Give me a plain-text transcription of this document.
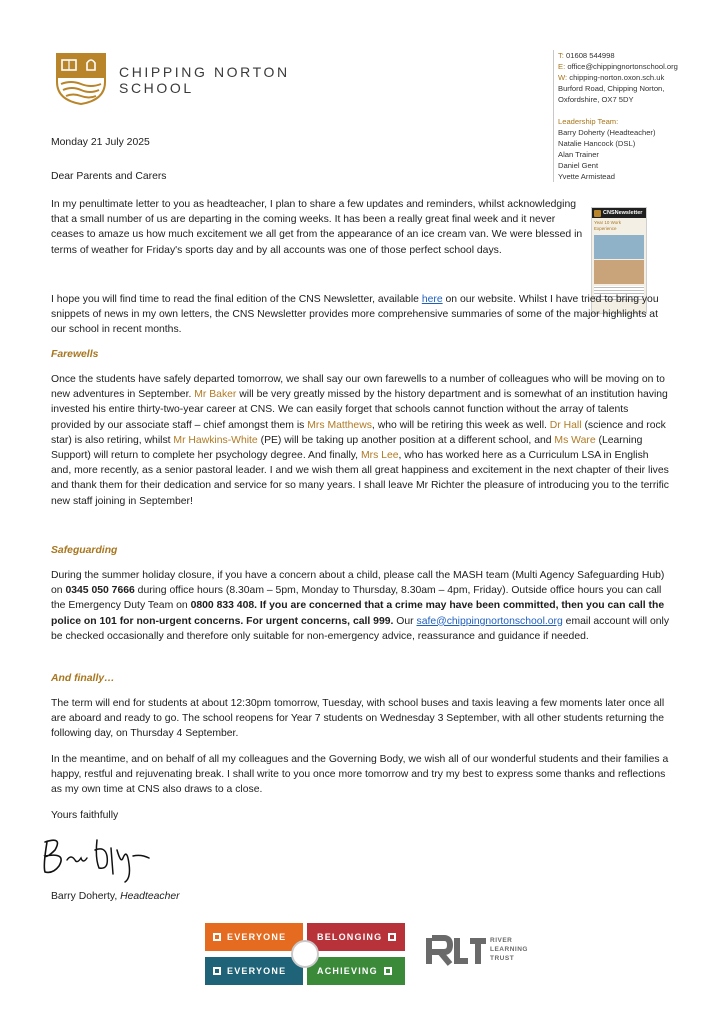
CHIPPING NORTON
SCHOOL
T: 01608 544998
E: office@chippingnortonschool.org
W: chipping-norton.oxon.sch.uk
Burford Road, Chipping Norton,
Oxfordshire, OX7 5DY
Leadership Team:
Barry Doherty (Headteacher)
Natalie Hancock (DSL)
Alan Trainer
Daniel Gent
Yvette Armistead
Monday 21 July 2025
Dear Parents and Carers

In my penultimate letter to you as headteacher, I plan to share a few updates and reminders, whilst acknowledging that a small number of us are departing in the coming weeks. It has been a really great final week and it never ceases to amaze us how much excitement we all get from the appearance of an ice cream van. We were blessed in terms of weather for Friday's sports day and by all accounts was one of those perfect school days.

CNSNewsletter
Year 10 Work Experience

I hope you will find time to read the final edition of the CNS Newsletter, available here on our website. Whilst I have tried to bring you snippets of news in my own letters, the CNS Newsletter provides more comprehensive summaries of some of the major highlights at our school in recent months.

Farewells

Once the students have safely departed tomorrow, we shall say our own farewells to a number of colleagues who will be moving on to new adventures in September. Mr Baker will be very greatly missed by the history department and is somewhat of an institution having invested his entire thirty-two-year career at CNS. We can easily forget that schools cannot function without the array of talents provided by our associate staff – chief amongst them is Mrs Matthews, who will be retiring this week as well. Dr Hall (science and rock star) is also retiring, whilst Mr Hawkins-White (PE) will be taking up another position at a different school, and Ms Ware (Learning Support) will return to complete her psychology degree. And finally, Mrs Lee, who has worked here as a Curriculum LSA in English and, more recently, as a senior pastoral leader. I and we wish them all great happiness and excitement in the next chapter of their lives and thank them for their dedication and service for so many years. I shall leave Mr Richter the pleasure of introducing you to the terrific new staff joining in September!

Safeguarding

During the summer holiday closure, if you have a concern about a child, please call the MASH team (Multi Agency Safeguarding Hub) on 0345 050 7666 during office hours (8.30am – 5pm, Monday to Thursday, 8.30am – 4pm, Friday). Outside office hours you can call the Emergency Duty Team on 0800 833 408. If you are concerned that a crime may have been committed, then you can call the police on 101 for non-urgent concerns. For urgent concerns, call 999. Our safe@chippingnortonschool.org email account will only be checked occasionally and therefore only suitable for non-emergency advice, reassurance and guidance if needed.

And finally…

The term will end for students at about 12:30pm tomorrow, Tuesday, with school buses and taxis leaving a few moments later once all are aboard and ready to go. The school reopens for Year 7 students on Wednesday 3 September, with all other students returning the following day, on Thursday 4 September.

In the meantime, and on behalf of all my colleagues and the Governing Body, we wish all of our wonderful students and their families a happy, restful and rejuvenating break. I shall write to you once more tomorrow and try my best to express some thanks and reflections as my own time at CNS also draws to a close.

Yours faithfully
Barry Doherty, Headteacher
EVERYONE	BELONGING
EVERYONE	ACHIEVING
RIVER
LEARNING
TRUST
